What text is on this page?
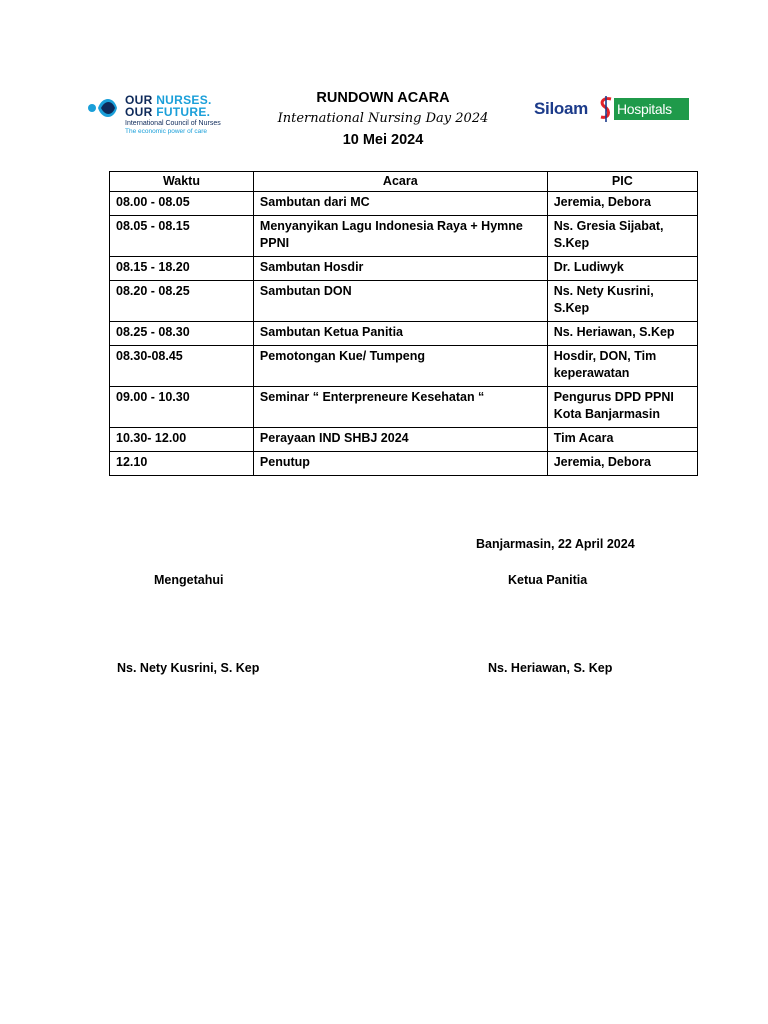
OUR NURSES.
OUR FUTURE.
International Council of Nurses
The economic power of care
RUNDOWN ACARA
International Nursing Day 2024
10 Mei 2024
Siloam Hospitals
Waktu	Acara	PIC
08.00 - 08.05	Sambutan dari MC	Jeremia, Debora
08.05 - 08.15	Menyanyikan Lagu Indonesia Raya + Hymne PPNI	Ns. Gresia Sijabat, S.Kep
08.15 - 18.20	Sambutan Hosdir	Dr. Ludiwyk
08.20 - 08.25	Sambutan DON	Ns. Nety Kusrini, S.Kep
08.25 - 08.30	Sambutan Ketua Panitia	Ns. Heriawan, S.Kep
08.30-08.45	Pemotongan Kue/ Tumpeng	Hosdir, DON, Tim keperawatan
09.00 - 10.30	Seminar “ Enterpreneure Kesehatan “	Pengurus DPD PPNI Kota Banjarmasin
10.30- 12.00	Perayaan IND SHBJ 2024	Tim Acara
12.10	Penutup	Jeremia, Debora
Banjarmasin, 22 April 2024
Mengetahui	Ketua Panitia
Ns. Nety Kusrini, S. Kep	Ns. Heriawan, S. Kep
